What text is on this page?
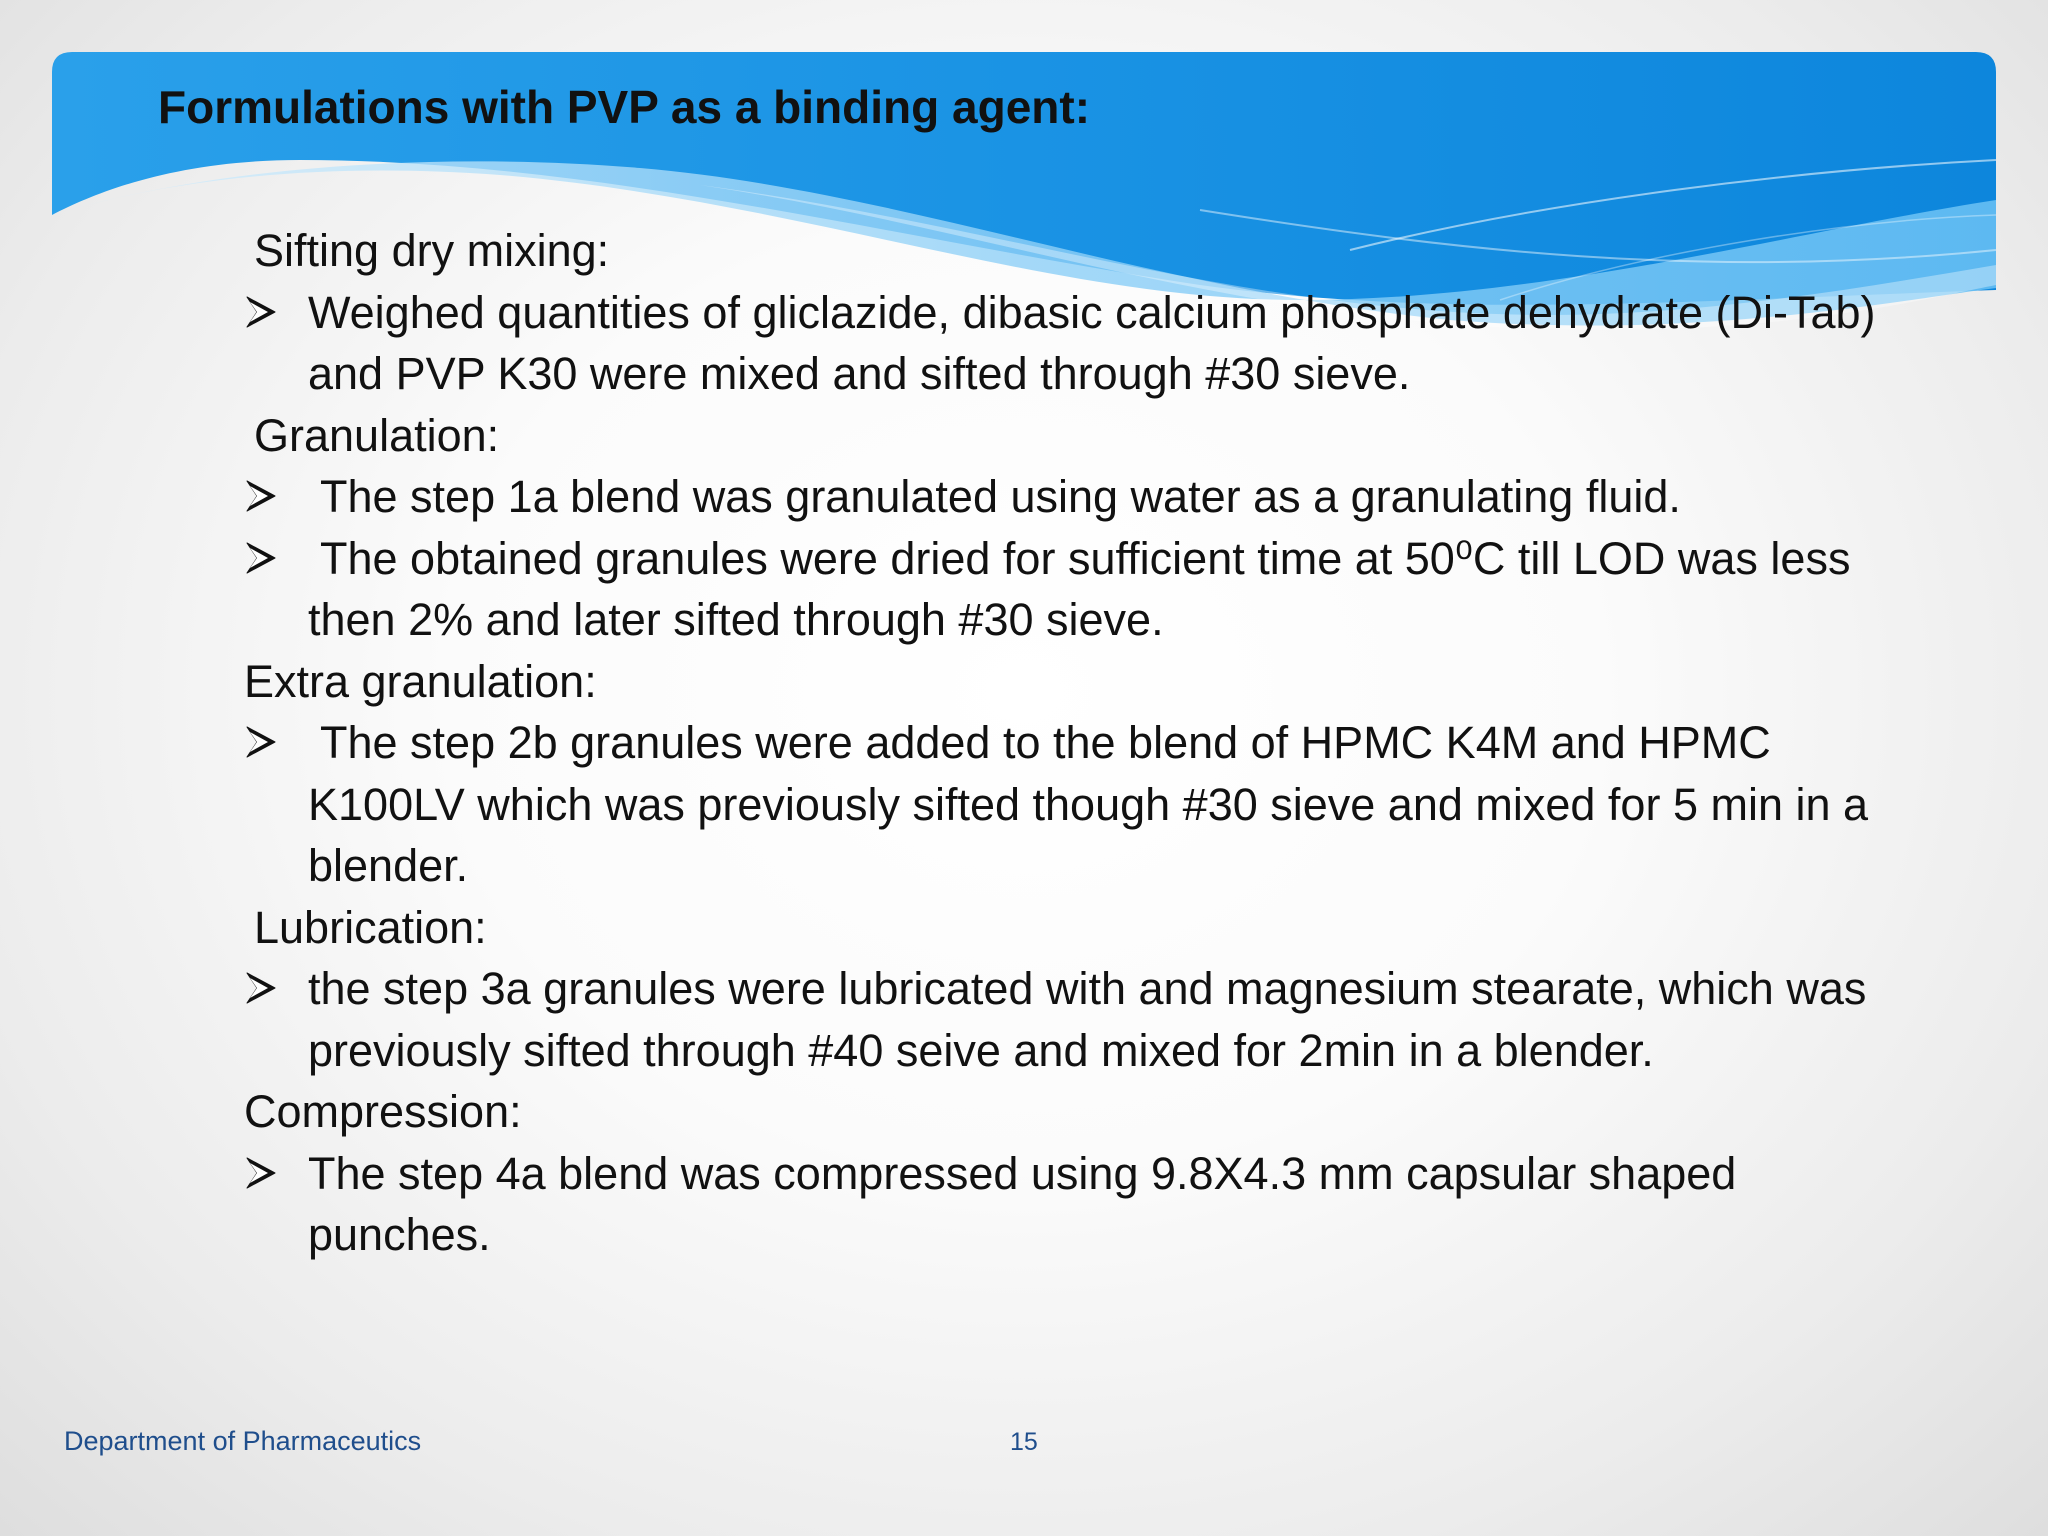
Formulations with PVP as a binding agent:

Sifting dry mixing:

Weighed quantities of gliclazide, dibasic calcium phosphate dehydrate (Di-Tab) and PVP K30 were mixed and sifted through #30 sieve.

Granulation:

The step 1a blend was granulated using water as a granulating fluid.
The obtained granules were dried for sufficient time at 50⁰C till LOD was less then 2% and later sifted through #30 sieve.

Extra granulation:

The step 2b granules were added to the blend of HPMC K4M and HPMC K100LV which was previously sifted though #30 sieve and mixed for 5 min in a blender.

Lubrication:

the step 3a granules were lubricated with and magnesium stearate, which was previously sifted through #40 seive and mixed for 2min in a blender.

Compression:

The step 4a blend was compressed using 9.8X4.3 mm capsular shaped punches.
Department of Pharmaceutics	15
